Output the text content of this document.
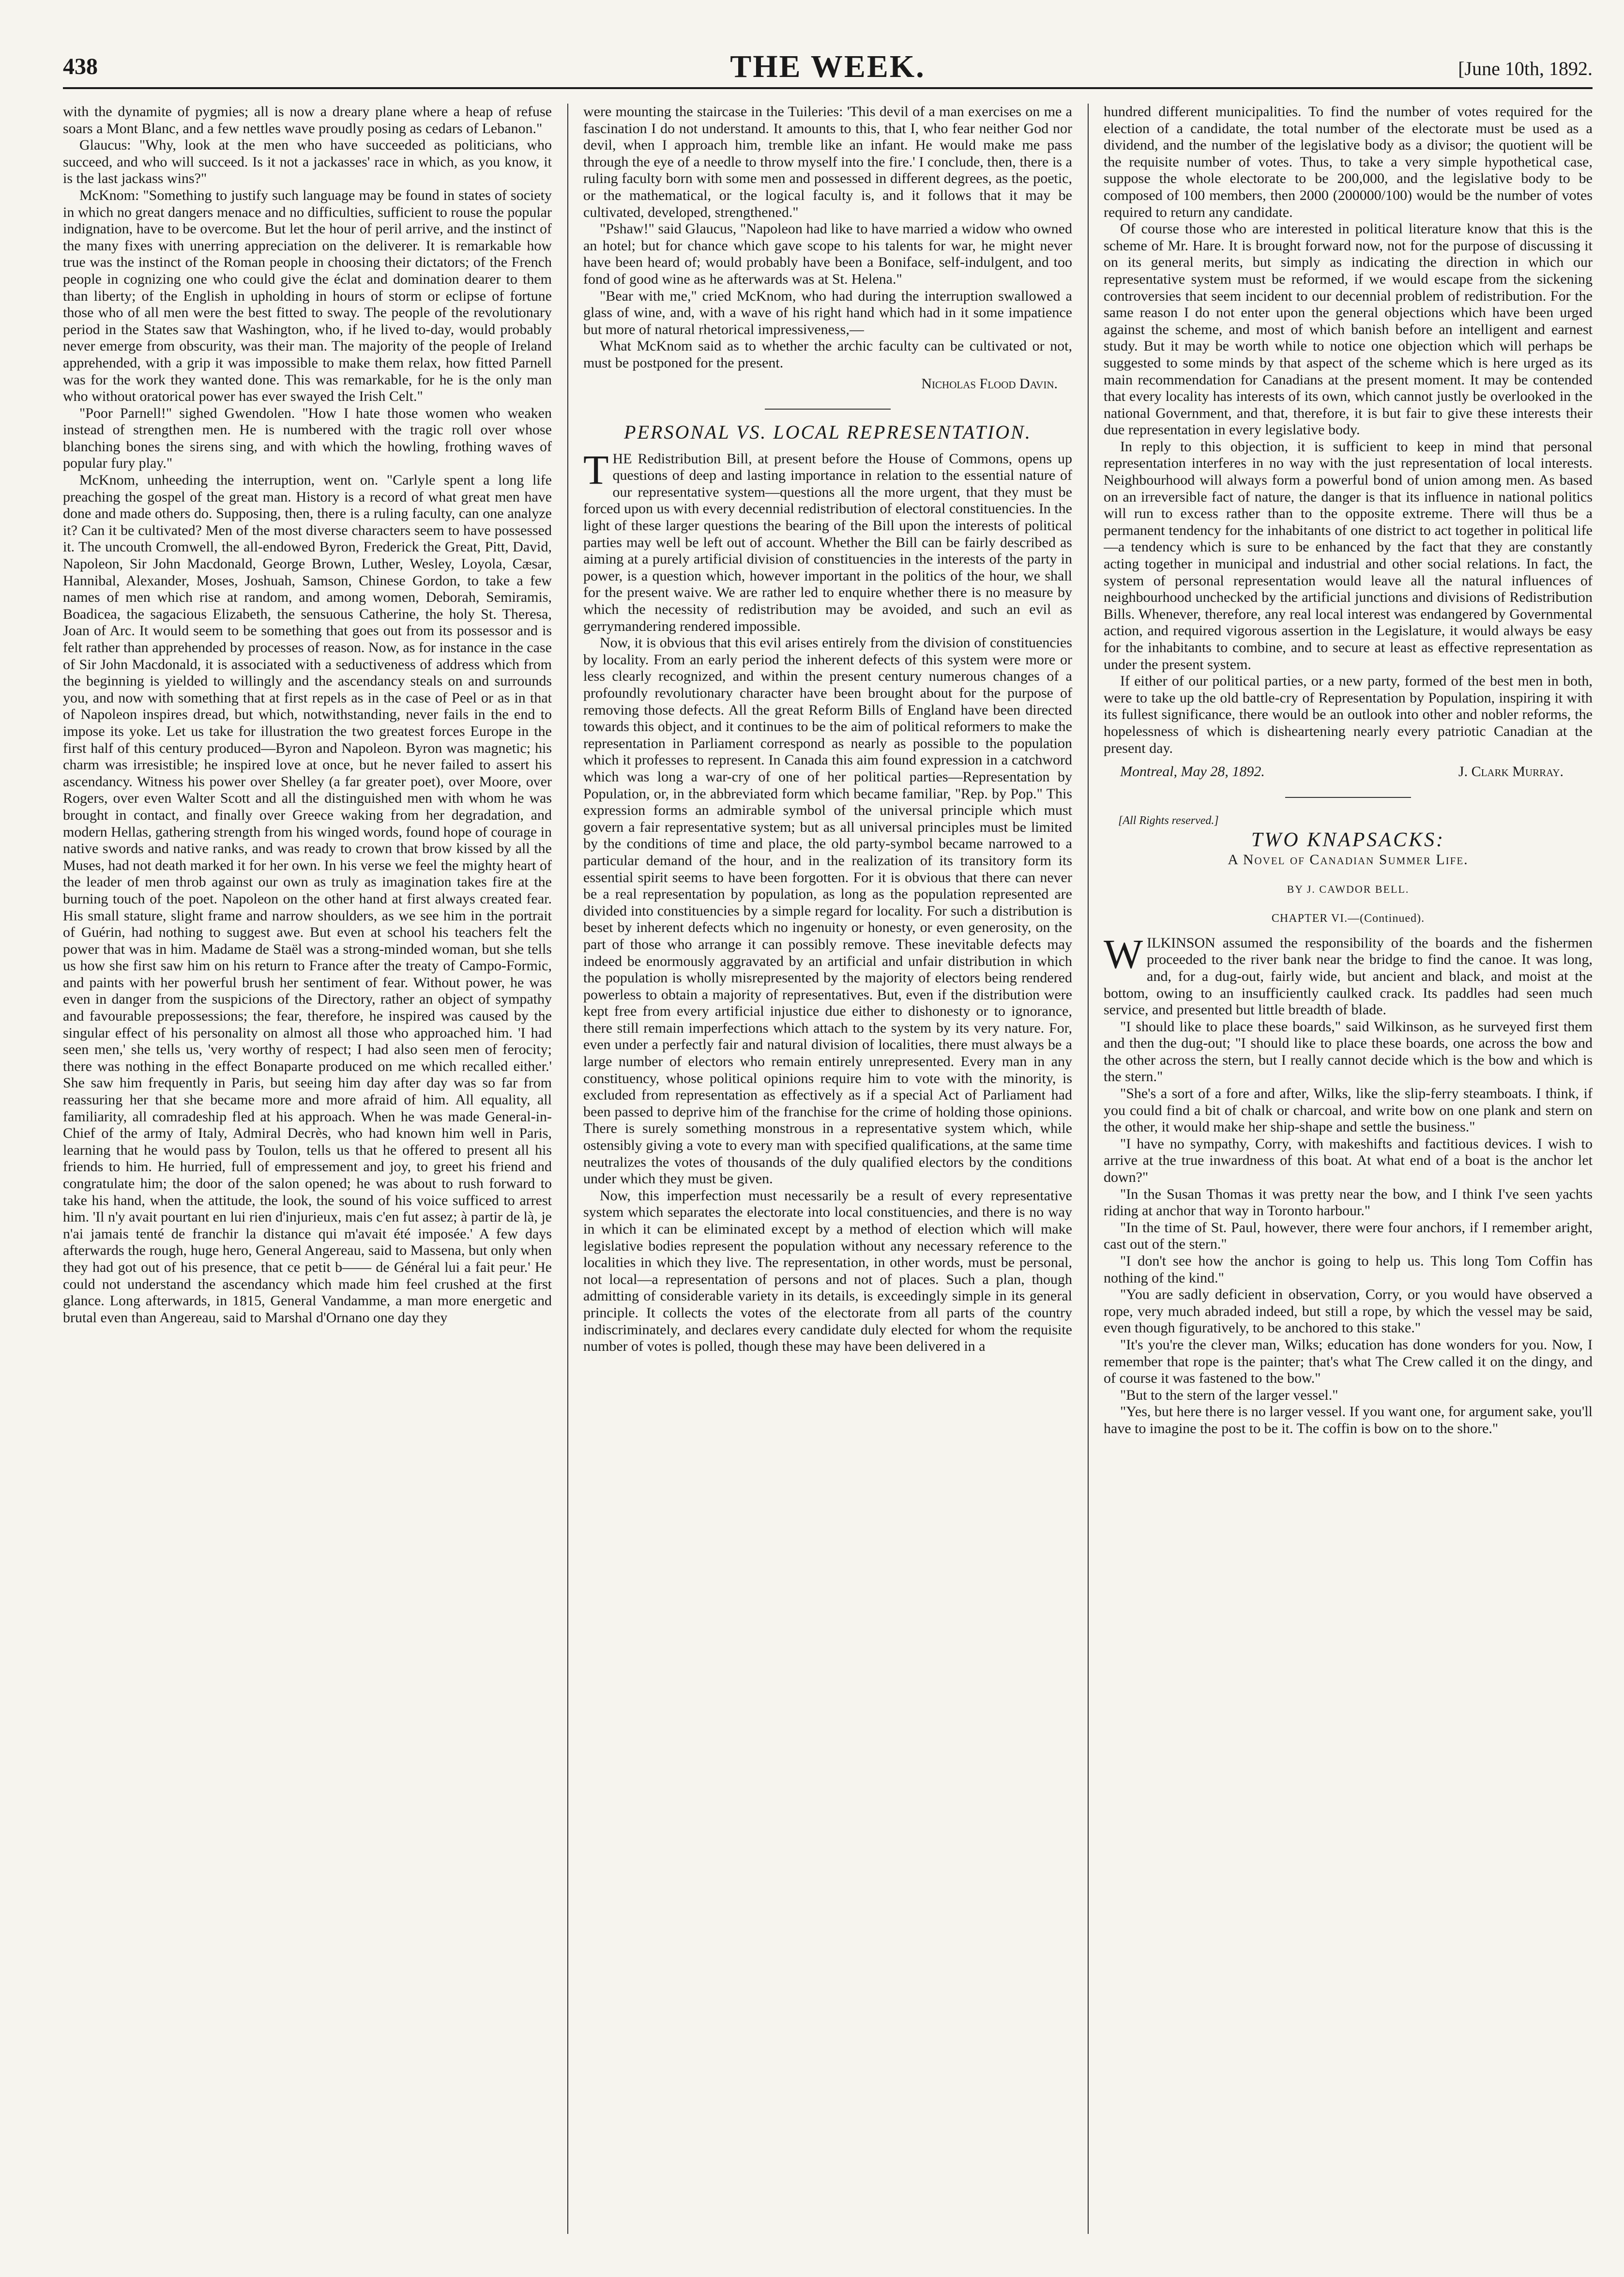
438	THE WEEK.	[June 10th, 1892.

with the dynamite of pygmies; all is now a dreary plane where a heap of refuse soars a Mont Blanc, and a few nettles wave proudly posing as cedars of Lebanon."

Glaucus: "Why, look at the men who have succeeded as politicians, who succeed, and who will succeed. Is it not a jackasses' race in which, as you know, it is the last jackass wins?"

McKnom: "Something to justify such language may be found in states of society in which no great dangers menace and no difficulties, sufficient to rouse the popular indignation, have to be overcome. But let the hour of peril arrive, and the instinct of the many fixes with unerring appreciation on the deliverer. It is remarkable how true was the instinct of the Roman people in choosing their dictators; of the French people in cognizing one who could give the éclat and domination dearer to them than liberty; of the English in upholding in hours of storm or eclipse of fortune those who of all men were the best fitted to sway. The people of the revolutionary period in the States saw that Washington, who, if he lived to-day, would probably never emerge from obscurity, was their man. The majority of the people of Ireland apprehended, with a grip it was impossible to make them relax, how fitted Parnell was for the work they wanted done. This was remarkable, for he is the only man who without oratorical power has ever swayed the Irish Celt."

"Poor Parnell!" sighed Gwendolen. "How I hate those women who weaken instead of strengthen men. He is numbered with the tragic roll over whose blanching bones the sirens sing, and with which the howling, frothing waves of popular fury play."

McKnom, unheeding the interruption, went on. "Carlyle spent a long life preaching the gospel of the great man. History is a record of what great men have done and made others do. Supposing, then, there is a ruling faculty, can one analyze it? Can it be cultivated? Men of the most diverse characters seem to have possessed it. The uncouth Cromwell, the all-endowed Byron, Frederick the Great, Pitt, David, Napoleon, Sir John Macdonald, George Brown, Luther, Wesley, Loyola, Cæsar, Hannibal, Alexander, Moses, Joshuah, Samson, Chinese Gordon, to take a few names of men which rise at random, and among women, Deborah, Semiramis, Boadicea, the sagacious Elizabeth, the sensuous Catherine, the holy St. Theresa, Joan of Arc. It would seem to be something that goes out from its possessor and is felt rather than apprehended by processes of reason. Now, as for instance in the case of Sir John Macdonald, it is associated with a seductiveness of address which from the beginning is yielded to willingly and the ascendancy steals on and surrounds you, and now with something that at first repels as in the case of Peel or as in that of Napoleon inspires dread, but which, notwithstanding, never fails in the end to impose its yoke. Let us take for illustration the two greatest forces Europe in the first half of this century produced—Byron and Napoleon. Byron was magnetic; his charm was irresistible; he inspired love at once, but he never failed to assert his ascendancy. Witness his power over Shelley (a far greater poet), over Moore, over Rogers, over even Walter Scott and all the distinguished men with whom he was brought in contact, and finally over Greece waking from her degradation, and modern Hellas, gathering strength from his winged words, found hope of courage in native swords and native ranks, and was ready to crown that brow kissed by all the Muses, had not death marked it for her own. In his verse we feel the mighty heart of the leader of men throb against our own as truly as imagination takes fire at the burning touch of the poet. Napoleon on the other hand at first always created fear. His small stature, slight frame and narrow shoulders, as we see him in the portrait of Guérin, had nothing to suggest awe. But even at school his teachers felt the power that was in him. Madame de Staël was a strong-minded woman, but she tells us how she first saw him on his return to France after the treaty of Campo-Formic, and paints with her powerful brush her sentiment of fear. Without power, he was even in danger from the suspicions of the Directory, rather an object of sympathy and favourable prepossessions; the fear, therefore, he inspired was caused by the singular effect of his personality on almost all those who approached him. 'I had seen men,' she tells us, 'very worthy of respect; I had also seen men of ferocity; there was nothing in the effect Bonaparte produced on me which recalled either.' She saw him frequently in Paris, but seeing him day after day was so far from reassuring her that she became more and more afraid of him. All equality, all familiarity, all comradeship fled at his approach. When he was made General-in-Chief of the army of Italy, Admiral Decrès, who had known him well in Paris, learning that he would pass by Toulon, tells us that he offered to present all his friends to him. He hurried, full of empressement and joy, to greet his friend and congratulate him; the door of the salon opened; he was about to rush forward to take his hand, when the attitude, the look, the sound of his voice sufficed to arrest him. 'Il n'y avait pourtant en lui rien d'injurieux, mais c'en fut assez; à partir de là, je n'ai jamais tenté de franchir la distance qui m'avait été imposée.' A few days afterwards the rough, huge hero, General Angereau, said to Massena, but only when they had got out of his presence, that ce petit b—— de Général lui a fait peur.' He could not understand the ascendancy which made him feel crushed at the first glance. Long afterwards, in 1815, General Vandamme, a man more energetic and brutal even than Angereau, said to Marshal d'Ornano one day they

were mounting the staircase in the Tuileries: 'This devil of a man exercises on me a fascination I do not understand. It amounts to this, that I, who fear neither God nor devil, when I approach him, tremble like an infant. He would make me pass through the eye of a needle to throw myself into the fire.' I conclude, then, there is a ruling faculty born with some men and possessed in different degrees, as the poetic, or the mathematical, or the logical faculty is, and it follows that it may be cultivated, developed, strengthened."

"Pshaw!" said Glaucus, "Napoleon had like to have married a widow who owned an hotel; but for chance which gave scope to his talents for war, he might never have been heard of; would probably have been a Boniface, self-indulgent, and too fond of good wine as he afterwards was at St. Helena."

"Bear with me," cried McKnom, who had during the interruption swallowed a glass of wine, and, with a wave of his right hand which had in it some impatience but more of natural rhetorical impressiveness,—

What McKnom said as to whether the archic faculty can be cultivated or not, must be postponed for the present.

Nicholas Flood Davin.

PERSONAL VS. LOCAL REPRESENTATION.

THE Redistribution Bill, at present before the House of Commons, opens up questions of deep and lasting importance in relation to the essential nature of our representative system—questions all the more urgent, that they must be forced upon us with every decennial redistribution of electoral constituencies. In the light of these larger questions the bearing of the Bill upon the interests of political parties may well be left out of account. Whether the Bill can be fairly described as aiming at a purely artificial division of constituencies in the interests of the party in power, is a question which, however important in the politics of the hour, we shall for the present waive. We are rather led to enquire whether there is no measure by which the necessity of redistribution may be avoided, and such an evil as gerrymandering rendered impossible.

Now, it is obvious that this evil arises entirely from the division of constituencies by locality. From an early period the inherent defects of this system were more or less clearly recognized, and within the present century numerous changes of a profoundly revolutionary character have been brought about for the purpose of removing those defects. All the great Reform Bills of England have been directed towards this object, and it continues to be the aim of political reformers to make the representation in Parliament correspond as nearly as possible to the population which it professes to represent. In Canada this aim found expression in a catchword which was long a war-cry of one of her political parties—Representation by Population, or, in the abbreviated form which became familiar, "Rep. by Pop." This expression forms an admirable symbol of the universal principle which must govern a fair representative system; but as all universal principles must be limited by the conditions of time and place, the old party-symbol became narrowed to a particular demand of the hour, and in the realization of its transitory form its essential spirit seems to have been forgotten. For it is obvious that there can never be a real representation by population, as long as the population represented are divided into constituencies by a simple regard for locality. For such a distribution is beset by inherent defects which no ingenuity or honesty, or even generosity, on the part of those who arrange it can possibly remove. These inevitable defects may indeed be enormously aggravated by an artificial and unfair distribution in which the population is wholly misrepresented by the majority of electors being rendered powerless to obtain a majority of representatives. But, even if the distribution were kept free from every artificial injustice due either to dishonesty or to ignorance, there still remain imperfections which attach to the system by its very nature. For, even under a perfectly fair and natural division of localities, there must always be a large number of electors who remain entirely unrepresented. Every man in any constituency, whose political opinions require him to vote with the minority, is excluded from representation as effectively as if a special Act of Parliament had been passed to deprive him of the franchise for the crime of holding those opinions. There is surely something monstrous in a representative system which, while ostensibly giving a vote to every man with specified qualifications, at the same time neutralizes the votes of thousands of the duly qualified electors by the conditions under which they must be given.

Now, this imperfection must necessarily be a result of every representative system which separates the electorate into local constituencies, and there is no way in which it can be eliminated except by a method of election which will make legislative bodies represent the population without any necessary reference to the localities in which they live. The representation, in other words, must be personal, not local—a representation of persons and not of places. Such a plan, though admitting of considerable variety in its details, is exceedingly simple in its general principle. It collects the votes of the electorate from all parts of the country indiscriminately, and declares every candidate duly elected for whom the requisite number of votes is polled, though these may have been delivered in a

hundred different municipalities. To find the number of votes required for the election of a candidate, the total number of the electorate must be used as a dividend, and the number of the legislative body as a divisor; the quotient will be the requisite number of votes. Thus, to take a very simple hypothetical case, suppose the whole electorate to be 200,000, and the legislative body to be composed of 100 members, then 2000 (200000/100) would be the number of votes required to return any candidate.

Of course those who are interested in political literature know that this is the scheme of Mr. Hare. It is brought forward now, not for the purpose of discussing it on its general merits, but simply as indicating the direction in which our representative system must be reformed, if we would escape from the sickening controversies that seem incident to our decennial problem of redistribution. For the same reason I do not enter upon the general objections which have been urged against the scheme, and most of which banish before an intelligent and earnest study. But it may be worth while to notice one objection which will perhaps be suggested to some minds by that aspect of the scheme which is here urged as its main recommendation for Canadians at the present moment. It may be contended that every locality has interests of its own, which cannot justly be overlooked in the national Government, and that, therefore, it is but fair to give these interests their due representation in every legislative body.

In reply to this objection, it is sufficient to keep in mind that personal representation interferes in no way with the just representation of local interests. Neighbourhood will always form a powerful bond of union among men. As based on an irreversible fact of nature, the danger is that its influence in national politics will run to excess rather than to the opposite extreme. There will thus be a permanent tendency for the inhabitants of one district to act together in political life—a tendency which is sure to be enhanced by the fact that they are constantly acting together in municipal and industrial and other social relations. In fact, the system of personal representation would leave all the natural influences of neighbourhood unchecked by the artificial junctions and divisions of Redistribution Bills. Whenever, therefore, any real local interest was endangered by Governmental action, and required vigorous assertion in the Legislature, it would always be easy for the inhabitants to combine, and to secure at least as effective representation as under the present system.

If either of our political parties, or a new party, formed of the best men in both, were to take up the old battle-cry of Representation by Population, inspiring it with its fullest significance, there would be an outlook into other and nobler reforms, the hopelessness of which is disheartening nearly every patriotic Canadian at the present day.

Montreal, May 28, 1892.	J. Clark Murray.

[All Rights reserved.]

TWO KNAPSACKS:

A Novel of Canadian Summer Life.

BY J. CAWDOR BELL.

CHAPTER VI.—(Continued).

WILKINSON assumed the responsibility of the boards and the fishermen proceeded to the river bank near the bridge to find the canoe. It was long, and, for a dug-out, fairly wide, but ancient and black, and moist at the bottom, owing to an insufficiently caulked crack. Its paddles had seen much service, and presented but little breadth of blade.

"I should like to place these boards," said Wilkinson, as he surveyed first them and then the dug-out; "I should like to place these boards, one across the bow and the other across the stern, but I really cannot decide which is the bow and which is the stern."

"She's a sort of a fore and after, Wilks, like the slip-ferry steamboats. I think, if you could find a bit of chalk or charcoal, and write bow on one plank and stern on the other, it would make her ship-shape and settle the business."

"I have no sympathy, Corry, with makeshifts and factitious devices. I wish to arrive at the true inwardness of this boat. At what end of a boat is the anchor let down?"

"In the Susan Thomas it was pretty near the bow, and I think I've seen yachts riding at anchor that way in Toronto harbour."

"In the time of St. Paul, however, there were four anchors, if I remember aright, cast out of the stern."

"I don't see how the anchor is going to help us. This long Tom Coffin has nothing of the kind."

"You are sadly deficient in observation, Corry, or you would have observed a rope, very much abraded indeed, but still a rope, by which the vessel may be said, even though figuratively, to be anchored to this stake."

"It's you're the clever man, Wilks; education has done wonders for you. Now, I remember that rope is the painter; that's what The Crew called it on the dingy, and of course it was fastened to the bow."

"But to the stern of the larger vessel."

"Yes, but here there is no larger vessel. If you want one, for argument sake, you'll have to imagine the post to be it. The coffin is bow on to the shore."
